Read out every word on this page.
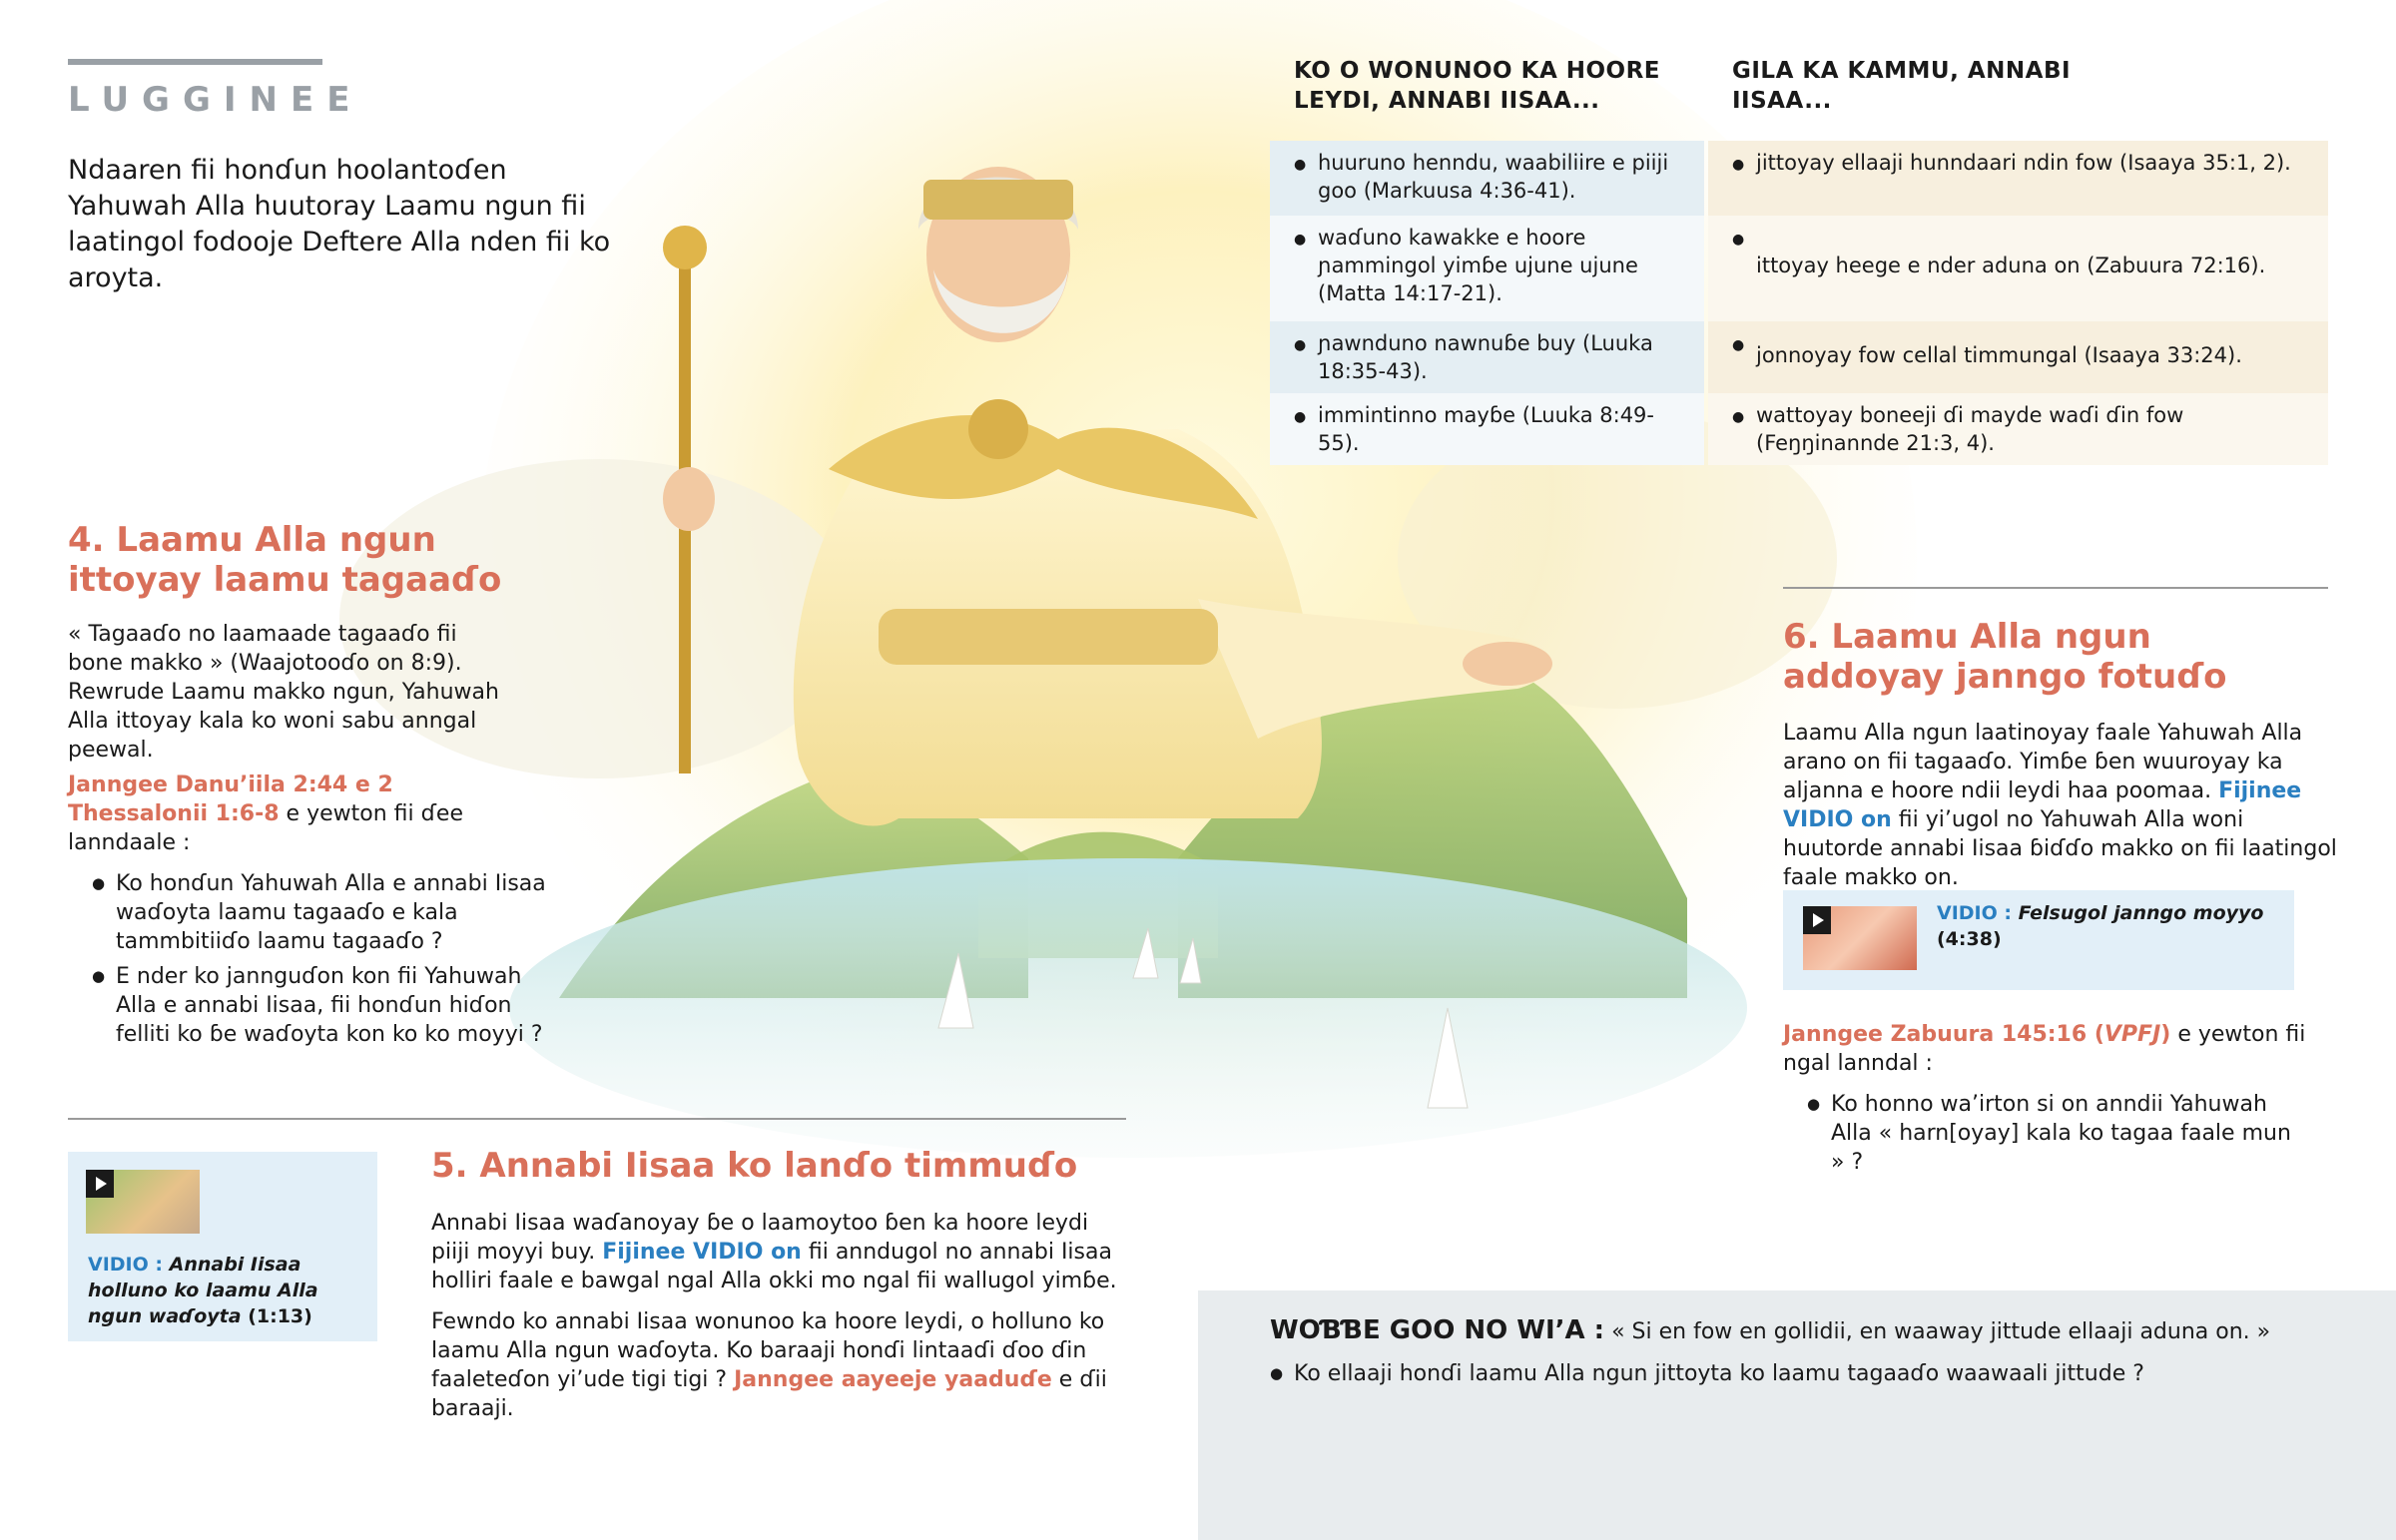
LUGGINEE
Ndaaren fii honɗun hoolantoɗen Yahuwah Alla huutoray Laamu ngun fii laatingol fodooje Deftere Alla nden fii ko aroyta.
KO O WONUNOO KA HOORE LEYDI, ANNABI IISAA...
GILA KA KAMMU, ANNABI IISAA...
● huuruno henndu, waabiliire e piiji goo (Markuusa 4:36-41).
● jittoyay ellaaji hunndaari ndin fow (Isaaya 35:1, 2).
● waɗuno kawakke e hoore ɲammingol yimɓe ujune ujune (Matta 14:17-21).
● ittoyay heege e nder aduna on (Zabuura 72:16).
● ɲawnduno nawnuɓe buy (Luuka 18:35-43).
● jonnoyay fow cellal timmungal (Isaaya 33:24).
● immintinno mayɓe (Luuka 8:49-55).
● wattoyay boneeji ɗi mayde waɗi ɗin fow (Feŋŋinannde 21:3, 4).
4. Laamu Alla ngun ittoyay laamu tagaaɗo
« Tagaaɗo no laamaade tagaaɗo fii bone makko » (Waajotooɗo on 8:9). Rewrude Laamu makko ngun, Yahuwah Alla ittoyay kala ko woni sabu anngal peewal.
Janngee Danu’iila 2:44 e 2 Thessalonii 1:6-8 e yewton fii ɗee lanndaale :
● Ko honɗun Yahuwah Alla e annabi Iisaa waɗoyta laamu tagaaɗo e kala tammbitiiɗo laamu tagaaɗo ?
● E nder ko jannguɗon kon fii Yahuwah Alla e annabi Iisaa, fii honɗun hiɗon felliti ko ɓe waɗoyta kon ko ko moyyi ?
VIDIO : Annabi Iisaa holluno ko laamu Alla ngun waɗoyta (1:13)
5. Annabi Iisaa ko lanɗo timmuɗo
Annabi Iisaa waɗanoyay ɓe o laamoytoo ɓen ka hoore leydi piiji moyyi buy. Fijinee VIDIO on fii anndugol no annabi Iisaa holliri faale e bawgal ngal Alla okki mo ngal fii wallugol yimɓe.
Fewndo ko annabi Iisaa wonunoo ka hoore leydi, o holluno ko laamu Alla ngun waɗoyta. Ko baraaji honɗi lintaaɗi ɗoo ɗin faaleteɗon yi’ude tigi tigi ? Janngee aayeeje yaaduɗe e ɗii baraaji.
6. Laamu Alla ngun addoyay janngo fotuɗo
Laamu Alla ngun laatinoyay faale Yahuwah Alla arano on fii tagaaɗo. Yimɓe ɓen wuuroyay ka aljanna e hoore ndii leydi haa poomaa. Fijinee VIDIO on fii yi’ugol no Yahuwah Alla woni huutorde annabi Iisaa ɓiɗɗo makko on fii laatingol faale makko on.
VIDIO : Felsugol janngo moyyo (4:38)
Janngee Zabuura 145:16 (VPFJ) e yewton fii ngal lanndal :
● Ko honno wa’irton si on anndii Yahuwah Alla « harn[oyay] kala ko tagaa faale mun » ?
WOƁƁE GOO NO WI’A : « Si en fow en gollidii, en waaway jittude ellaaji aduna on. »
● Ko ellaaji honɗi laamu Alla ngun jittoyta ko laamu tagaaɗo waawaali jittude ?
